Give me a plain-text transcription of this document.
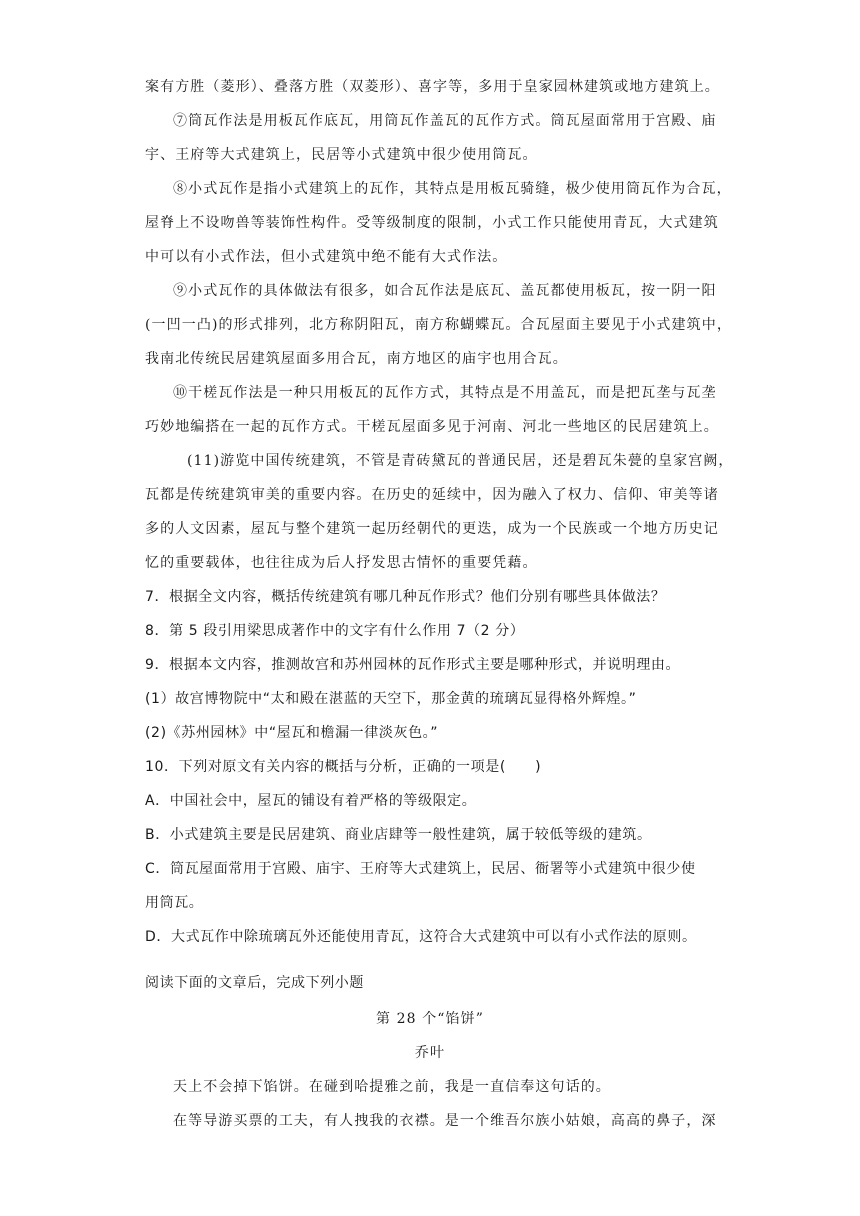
案有方胜（菱形）、叠落方胜（双菱形）、喜字等，多用于皇家园林建筑或地方建筑上。
⑦筒瓦作法是用板瓦作底瓦，用筒瓦作盖瓦的瓦作方式。筒瓦屋面常用于宫殿、庙
宇、王府等大式建筑上，民居等小式建筑中很少使用筒瓦。
⑧小式瓦作是指小式建筑上的瓦作，其特点是用板瓦骑缝，极少使用筒瓦作为合瓦，
屋脊上不设吻兽等装饰性构件。受等级制度的限制，小式工作只能使用青瓦，大式建筑
中可以有小式作法，但小式建筑中绝不能有大式作法。
⑨小式瓦作的具体做法有很多，如合瓦作法是底瓦、盖瓦都使用板瓦，按一阴一阳
(一凹一凸)的形式排列，北方称阴阳瓦，南方称蝴蝶瓦。合瓦屋面主要见于小式建筑中，
我南北传统民居建筑屋面多用合瓦，南方地区的庙宇也用合瓦。
⑩干槎瓦作法是一种只用板瓦的瓦作方式，其特点是不用盖瓦，而是把瓦垄与瓦垄
巧妙地编搭在一起的瓦作方式。干槎瓦屋面多见于河南、河北一些地区的民居建筑上。
(11)游览中国传统建筑，不管是青砖黛瓦的普通民居，还是碧瓦朱甍的皇家宫阙，
瓦都是传统建筑审美的重要内容。在历史的延续中，因为融入了权力、信仰、审美等诸
多的人文因素，屋瓦与整个建筑一起历经朝代的更迭，成为一个民族或一个地方历史记
忆的重要载体，也往往成为后人抒发思古情怀的重要凭藉。
7．根据全文内容，概括传统建筑有哪几种瓦作形式？他们分别有哪些具体做法？
8．第 5 段引用梁思成著作中的文字有什么作用 7（2 分）
9．根据本文内容，推测故宫和苏州园林的瓦作形式主要是哪种形式，并说明理由。
(1）故宫博物院中“太和殿在湛蓝的天空下，那金黄的琉璃瓦显得格外辉煌。”
(2)《苏州园林》中“屋瓦和檐漏一律淡灰色。”
10．下列对原文有关内容的概括与分析，正确的一项是(　　)
A．中国社会中，屋瓦的铺设有着严格的等级限定。
B．小式建筑主要是民居建筑、商业店肆等一般性建筑，属于较低等级的建筑。
C．筒瓦屋面常用于宫殿、庙宇、王府等大式建筑上，民居、衙署等小式建筑中很少使
用筒瓦。
D．大式瓦作中除琉璃瓦外还能使用青瓦，这符合大式建筑中可以有小式作法的原则。
阅读下面的文章后，完成下列小题
第 28 个“馅饼”
乔叶
天上不会掉下馅饼。在碰到哈提雅之前，我是一直信奉这句话的。
在等导游买票的工夫，有人拽我的衣襟。是一个维吾尔族小姑娘，高高的鼻子，深
